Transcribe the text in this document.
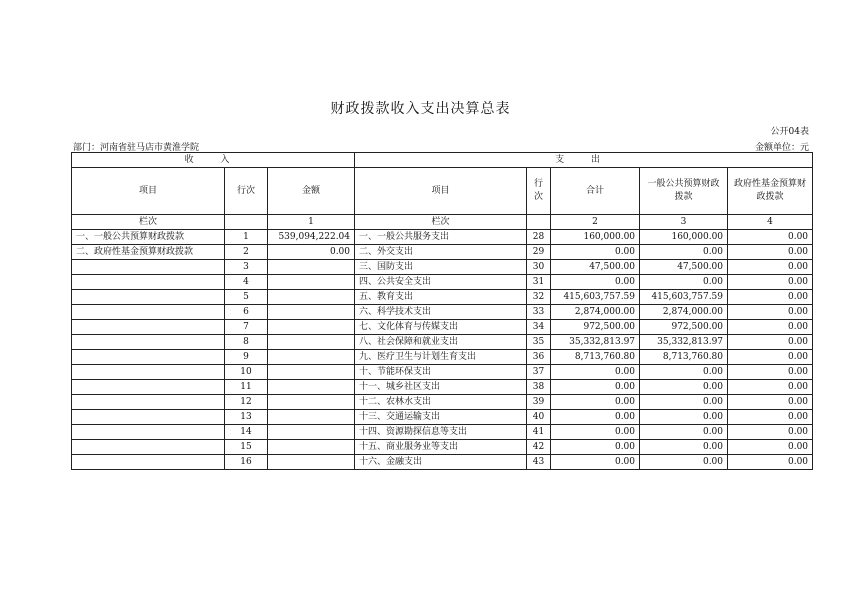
财政拨款收入支出决算总表
公开04表
部门：河南省驻马店市黄淮学院	金额单位：元
收 入			支 出				
项目	行次	金额	项目	行次	合计	一般公共预算财政拨款	政府性基金预算财政拨款
栏次		1	栏次		2	3	4
一、一般公共预算财政拨款	1	539,094,222.04	一、一般公共服务支出	28	160,000.00	160,000.00	0.00
二、政府性基金预算财政拨款	2	0.00	二、外交支出	29	0.00	0.00	0.00
	3		三、国防支出	30	47,500.00	47,500.00	0.00
	4		四、公共安全支出	31	0.00	0.00	0.00
	5		五、教育支出	32	415,603,757.59	415,603,757.59	0.00
	6		六、科学技术支出	33	2,874,000.00	2,874,000.00	0.00
	7		七、文化体育与传媒支出	34	972,500.00	972,500.00	0.00
	8		八、社会保障和就业支出	35	35,332,813.97	35,332,813.97	0.00
	9		九、医疗卫生与计划生育支出	36	8,713,760.80	8,713,760.80	0.00
	10		十、节能环保支出	37	0.00	0.00	0.00
	11		十一、城乡社区支出	38	0.00	0.00	0.00
	12		十二、农林水支出	39	0.00	0.00	0.00
	13		十三、交通运输支出	40	0.00	0.00	0.00
	14		十四、资源勘探信息等支出	41	0.00	0.00	0.00
	15		十五、商业服务业等支出	42	0.00	0.00	0.00
	16		十六、金融支出	43	0.00	0.00	0.00
